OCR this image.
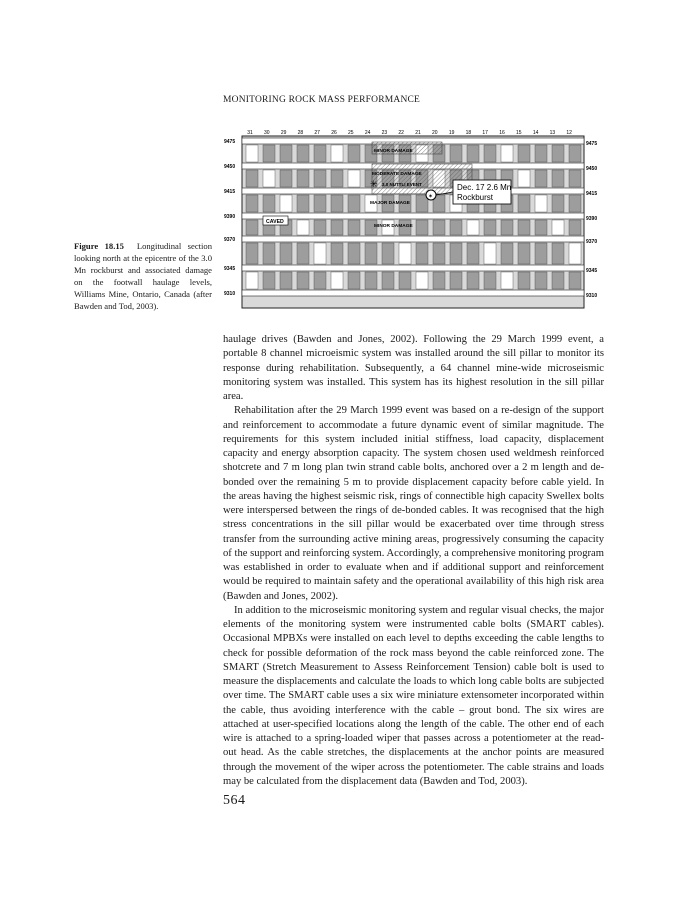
MONITORING ROCK MASS PERFORMANCE
Dec. 17 2.6 Mn
Rockburst
✶
MINOR DAMAGE
MODERATE DAMAGE
✳ 3.0 NUTTLI EVENT
MAJOR DAMAGE
MINOR DAMAGE
CAVED
31 30 29 28 27 26 25 24 23 22 21 20 19 18 17 16 15 14 13 12
9475
9450
9415
9390
9370
9345
9310
9475
9450
9415
9390
9370
9345
9310
Figure 18.15 Longitudinal section looking north at the epicentre of the 3.0 Mn rockburst and associated damage on the footwall haulage levels, Williams Mine, Ontario, Canada (after Bawden and Tod, 2003).

haulage drives (Bawden and Jones, 2002). Following the 29 March 1999 event, a portable 8 channel microeismic system was installed around the sill pillar to monitor its response during rehabilitation. Subsequently, a 64 channel mine-wide microseismic monitoring system was installed. This system has its highest resolution in the sill pillar area.

Rehabilitation after the 29 March 1999 event was based on a re-design of the support and reinforcement to accommodate a future dynamic event of similar magnitude. The requirements for this system included initial stiffness, load capacity, displacement capacity and energy absorption capacity. The system chosen used weldmesh reinforced shotcrete and 7 m long plan twin strand cable bolts, anchored over a 2 m length and de-bonded over the remaining 5 m to provide displacement capacity before cable yield. In the areas having the highest seismic risk, rings of connectible high capacity Swellex bolts were interspersed between the rings of de-bonded cables. It was recognised that the high stress concentrations in the sill pillar would be exacerbated over time through stress transfer from the surrounding active mining areas, progressively consuming the capacity of the support and reinforcing system. Accordingly, a comprehensive monitoring program was established in order to evaluate when and if additional support and reinforcement would be required to maintain safety and the operational availability of this high risk area (Bawden and Jones, 2002).

In addition to the microseismic monitoring system and regular visual checks, the major elements of the monitoring system were instrumented cable bolts (SMART cables). Occasional MPBXs were installed on each level to depths exceeding the cable lengths to check for possible deformation of the rock mass beyond the cable reinforced zone. The SMART (Stretch Measurement to Assess Reinforcement Tension) cable bolt is used to measure the displacements and calculate the loads to which long cable bolts are subjected over time. The SMART cable uses a six wire miniature extensometer incorporated within the cable, thus avoiding interference with the cable – grout bond. The six wires are attached at user-specified locations along the length of the cable. The other end of each wire is attached to a spring-loaded wiper that passes across a potentiometer at the read-out head. As the cable stretches, the displacements at the anchor points are measured through the movement of the wiper across the potentiometer. The cable strains and loads may be calculated from the displacement data (Bawden and Tod, 2003).

564
